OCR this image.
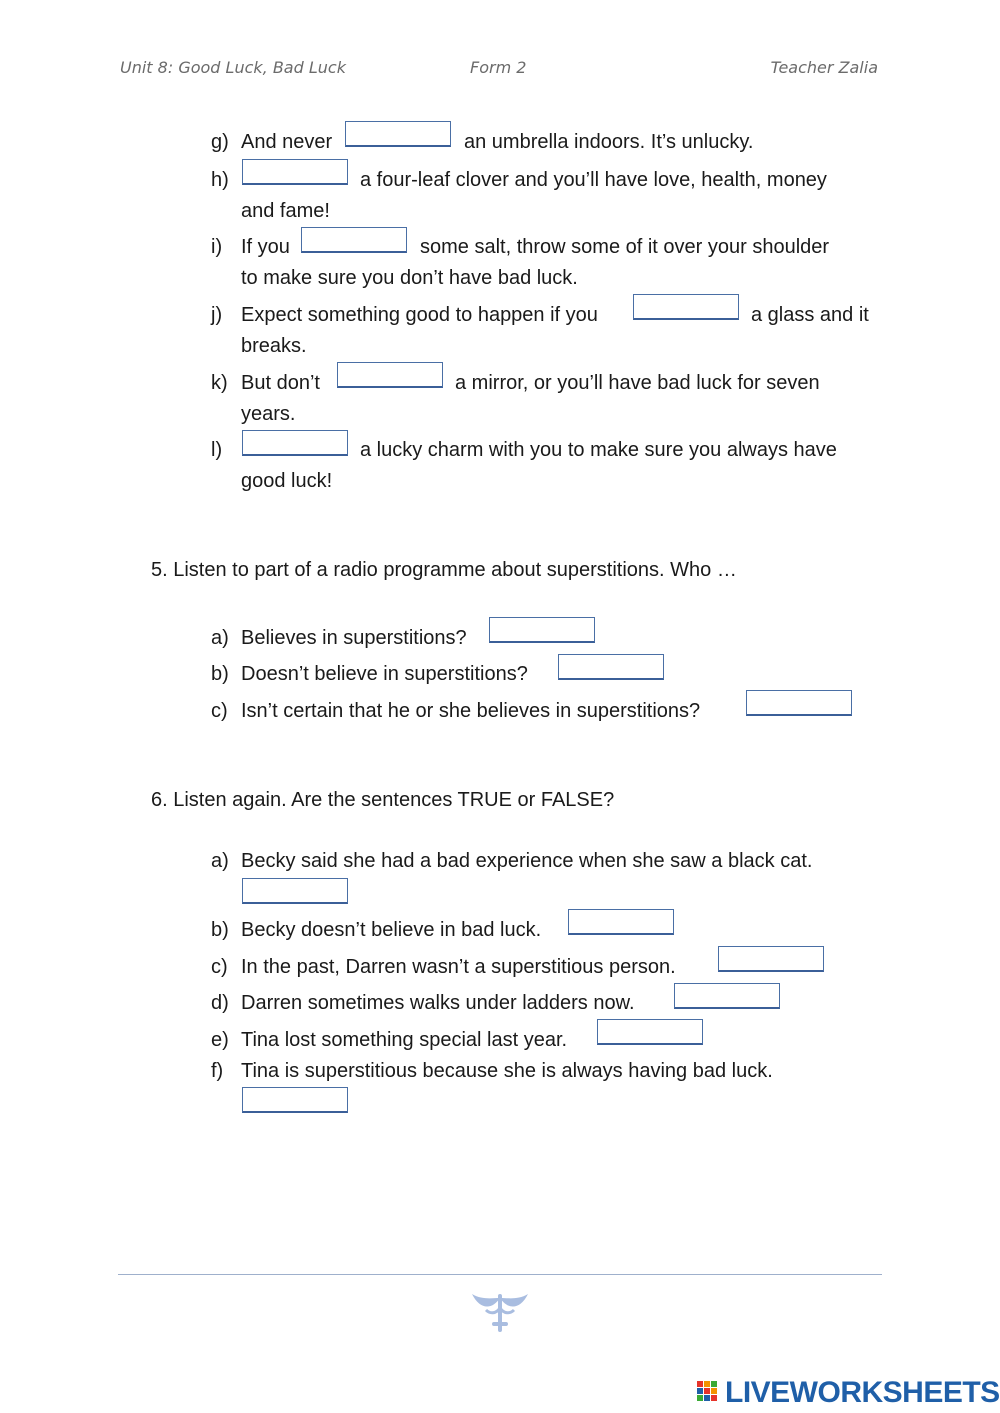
Unit 8: Good Luck, Bad Luck	Form 2	Teacher Zalia
g) And never	an umbrella indoors. It’s unlucky.
h)	a four-leaf clover and you’ll have love, health, money
and fame!
i) If you	some salt, throw some of it over your shoulder
to make sure you don’t have bad luck.
j) Expect something good to happen if you	a glass and it
breaks.
k) But don’t	a mirror, or you’ll have bad luck for seven
years.
l)	a lucky charm with you to make sure you always have
good luck!
5. Listen to part of a radio programme about superstitions. Who …
a) Believes in superstitions?
b) Doesn’t believe in superstitions?
c) Isn’t certain that he or she believes in superstitions?
6. Listen again. Are the sentences TRUE or FALSE?
a) Becky said she had a bad experience when she saw a black cat.
b) Becky doesn’t believe in bad luck.
c) In the past, Darren wasn’t a superstitious person.
d) Darren sometimes walks under ladders now.
e) Tina lost something special last year.
f) Tina is superstitious because she is always having bad luck.
LIVEWORKSHEETS
